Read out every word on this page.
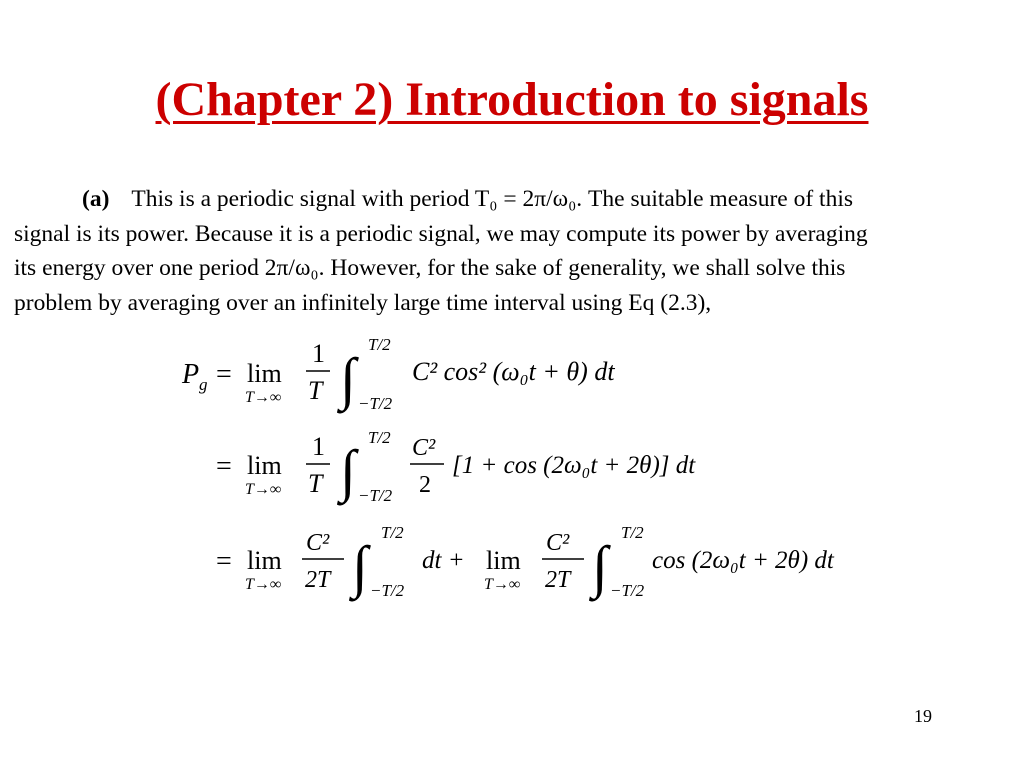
(Chapter 2) Introduction to signals
(a) This is a periodic signal with period T₀ = 2π/ω₀. The suitable measure of this
signal is its power. Because it is a periodic signal, we may compute its power by averaging
its energy over one period 2π/ω₀. However, for the sake of generality, we shall solve this
problem by averaging over an infinitely large time interval using Eq (2.3),
P g = lim
T→∞
1
T ∫
T/2
−T/2
C² cos² (ω₀t + θ) dt
= lim
T→∞
1
T ∫
T/2
−T/2
C²
2
[1 + cos (2ω₀t + 2θ)] dt
= lim
T→∞
C²
2T ∫
T/2
−T/2
dt + lim
T→∞
C²
2T ∫
T/2
−T/2
cos (2ω₀t + 2θ) dt
19
